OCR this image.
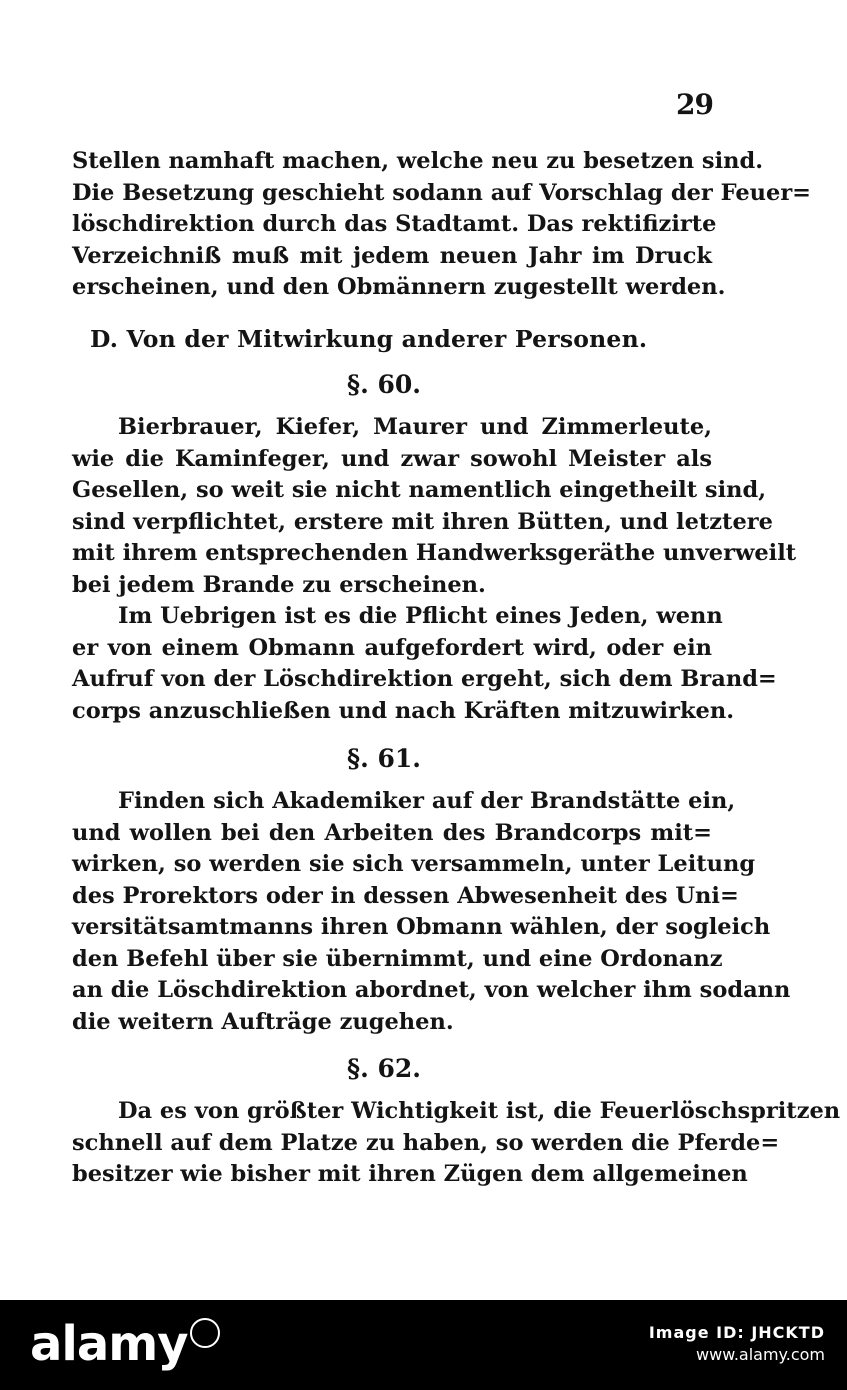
29
Stellen namhaft machen, welche neu zu besetzen sind.
Die Besetzung geschieht sodann auf Vorschlag der Feuer=
löschdirektion durch das Stadtamt. Das rektifizirte
Verzeichniß muß mit jedem neuen Jahr im Druck
erscheinen, und den Obmännern zugestellt werden.
D. Von der Mitwirkung anderer Personen.
§. 60.
Bierbrauer, Kiefer, Maurer und Zimmerleute,
wie die Kaminfeger, und zwar sowohl Meister als
Gesellen, so weit sie nicht namentlich eingetheilt sind,
sind verpflichtet, erstere mit ihren Bütten, und letztere
mit ihrem entsprechenden Handwerksgeräthe unverweilt
bei jedem Brande zu erscheinen.
Im Uebrigen ist es die Pflicht eines Jeden, wenn
er von einem Obmann aufgefordert wird, oder ein
Aufruf von der Löschdirektion ergeht, sich dem Brand=
corps anzuschließen und nach Kräften mitzuwirken.
§. 61.
Finden sich Akademiker auf der Brandstätte ein,
und wollen bei den Arbeiten des Brandcorps mit=
wirken, so werden sie sich versammeln, unter Leitung
des Prorektors oder in dessen Abwesenheit des Uni=
versitätsamtmanns ihren Obmann wählen, der sogleich
den Befehl über sie übernimmt, und eine Ordonanz
an die Löschdirektion abordnet, von welcher ihm sodann
die weitern Aufträge zugehen.
§. 62.
Da es von größter Wichtigkeit ist, die Feuerlöschspritzen
schnell auf dem Platze zu haben, so werden die Pferde=
besitzer wie bisher mit ihren Zügen dem allgemeinen
alamy	Image ID: JHCKTD
www.alamy.com
